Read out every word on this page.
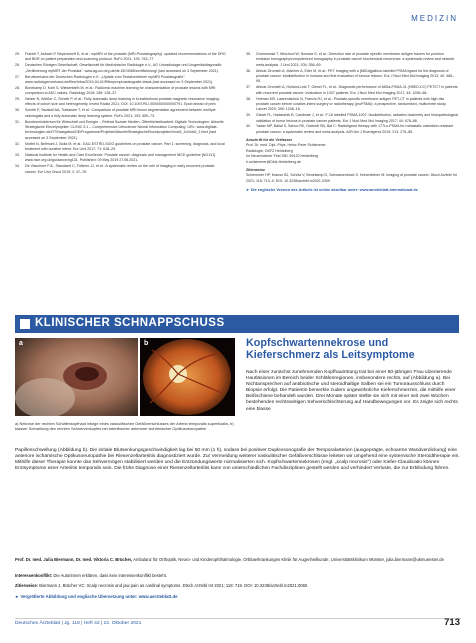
MEDIZIN
25. Franiel T, Asbach P, Beyersdorff D, et al.: mpMRI of the prostate (MRI-Prostatography): updated recommendations of the DRG and BDR on patient preparation and scanning protocol. RoFo 2021; 193: 763–77.
26. Deutsches Röntgen Gesellschaft, Gesellschaft für Medizinische Radiologie e.V., AG Uroradiologie und Urogenitaldiagnostik: „Zertifizierung mpMRT der Prostata". www.ag-uro.drg.de/de-DE/4085/zertifizierung/ (last accessed on 3 September 2021).
27. Berufsverband der Deutschen Radiologen e.V.: „Update zum Testatverfahren mpMRI Prostatografie". www.radiologenverband.de/files/Infos/2019-04-01/Rfkmprmprostatografie-testat (last accessed on 3 September 2021).
28. Bonekamp D, Kohl S, Wiesenfarth M, et al.: Radiomic machine learning for characterization of prostate lesions with MRI: comparison to ADC values. Radiology 2018; 289: 128–37.
29. Netzer N, Weißer C, Schelb P, et al.: Fully automatic deep learning in bi-institutional prostate magnetic resonance imaging: effects of cohort size and heterogeneity. Invest Radiol 2021; DOI: 10.1097/RLI.0000000000000791. Epub ahead of print.
30. Schelb P, Tavakoli AA, Tubtawee T, et al.: Comparison of prostate MRI lesion segmentation agreement between multiple radiologists and a fully automatic deep learning system. RoFo 2021; 193: 559–73.
31. Bundesministerium für Wirtschaft und Energie – Referat Soziale Medien, Öffentlichkeitsarbeit: Digitale Technologien: Aktuelle Strategische Einzelprojekte: CLINIC 5.1 – Comprehensive Lifescience Neural Information Computing. URL: www.digitale-technologien.de/DT/Navigation/DE/Programme/Projekte/AktuelleStrategischeEinzelprojekte/clinic5_1/clinic5_1.html (last accessed on 3 September 2021).
32. Mottet N, Bellmunt J, Bolla M, et al.: EAU-ESTRO-SIOG guidelines on prostate cancer. Part 1: screening, diagnosis, and local treatment with curative intent. Eur Urol 2017; 71: 618–29.
33. National Institute for Health and Care Excellence: Prostate cancer: diagnosis and management NICE guideline [NG131]. www.nice.org.uk/guidance/ng131. Published: 09 May 2019 27.06.2021.
34. De Visschere PJL, Standaert C, Fütterer JJ, et al.: A systematic review on the role of imaging in early recurrent prostate cancer. Eur Urol Oncol 2019; 2: 47–76.
35. Gruenewald T, Minchoni W, Nowara G, et al.: Detection rate of prostate specific membrane antigen tracers for positron emission tomography/computerized tomography in prostate cancer biochemical recurrence: a systematic review and network meta-analysis. J Urol 2021; 205: 356–69.
36. Afshar-Oromieh A, Malcher A, Eder M, et al.: PET imaging with a [68Ga]gallium-labelled PSMA ligand for the diagnosis of prostate cancer: biodistribution in humans and first evaluation of tumour lesions. Eur J Nucl Med Mol Imaging 2013; 40: 486–95.
37. Afshar-Oromieh A, Holland-Letz T, Giesel FL, et al.: Diagnostic performance of 68Ga-PSMA-11 (HBED-CC) PET/CT in patients with recurrent prostate cancer: evaluation in 1007 patients. Eur J Nucl Med Mol Imaging 2017; 44: 1258–68.
38. Hofman MS, Lawrentschuk N, Francis RJ, et al.: Prostate-specific membrane antigen PET-CT in patients with high-risk prostate cancer before curative-intent surgery or radiotherapy (proPSMA): a prospective, randomised, multicentre study. Lancet 2020; 395: 1208–16.
39. Giesel FL, Hadaschik B, Cardinale J, et al.: F-18 labelled PSMA-1007: biodistribution, radiation dosimetry and histopathological validation of tumor lesions in prostate cancer patients. Eur J Nucl Med Mol Imaging 2017; 44: 678–88.
40. Yadav MP, Ballal S, Sahoo RK, Dwivedi SN, Bal C: Radioligand therapy with 177Lu-PSMA for metastatic castration-resistant prostate cancer: a systematic review and meta-analysis. AJR Am J Roentgenol 2019; 213: 275–85.
Anschrift für die Verfasser
Prof. Dr. med. Dipl.-Phys. Heinz-Peter Schlemmer
Radiologie, DKFZ Heidelberg
Im Neuenheimer Feld 280, 69120 Heidelberg
h.schlemmer@Dkfz-Heidelberg.de
Zitierweise
Schlemmer HP, Krause BJ, Schütz V, Bonekamp D, Schwarzenböck S, Hohenfellner M: Imaging of prostate cancer. Dtsch Arztebl Int 2021; 118: 713–9. DOI: 10.3238/arztebl.m2021.0309
► Die englische Version des Artikels ist online abrufbar unter: www.aerzteblatt-international.de
KLINISCHER SCHNAPPSCHUSS
a	b
a) Nekrose der rechten Schläfenkopfhaut infolge eines vaskulitischen Gefäßverschlusses der Arteria temporalis superficialis, b) blasser Schwellung des rechten Sehnervenkopfes bei arteriitischer anteriorer ischämischer Optikusneuropathie
Kopfschwartennekrose und Kieferschmerz als Leitsymptome
Nach einer zunächst zunehmenden Kopfhautrötung trat bei einer 80-jährigen Frau ulzerierende Hautläsionen im Bereich beider Schläfenregionen, insbesondere rechts, auf (Abbildung a). Bei Nichtansprechen auf antibiotische und steroidhaltige Salben sei ein Tumorausschluss durch Biopsie erfolgt. Die Patientin bemerkte zudem ungewöhnliche Kieferschmerzen, die mithilfe einer Beißschiene behandelt wurden. Drei Monate später stellte sie sich mit einer seit zwei Wochen bestehenden rechtsseitigen Sehverschlechterung auf Handbewegungen vor. Es zeigte sich rechts eine blasse
Papillenschwellung (Abbildung b). Die initiale Blutsenkungsgeschwindigkeit lag bei 50 mm (1 h), sodass bei positiver Duplexsonografie der Temporalarterien (ausgeprägte, echoarme Wandverdickung) eine anteriore ischämische Optikusneuropathie bei Riesenzellarteriitis diagnostiziert wurde. Zur Vermeidung weiterer vaskulitischer Gefäßverschlüsse leiteten wir umgehend eine systemische Steroidtherapie ein. Mithilfe dieser Therapie konnte das Sehvermögen stabilisiert werden und die Entzündungswerte normalisierten sich. Kopfschwartennekrosen (engl. „scalp necrosis") oder Kiefer-Claudicatio können Erstsymptome einer Arteriitis temporalis sein. Die frühe Diagnose einer Riesenzellarteriitis kann von unterschiedlichen Fachdisziplinen gestellt werden und verhindert Verluste, die zur Erblindung führen.
Prof. Dr. med. Julia Biermann, Dr. med. Viktoria C. Brücher, Ambulanz für Orthoptik, Neuro- und Kinderophthalmologie, Orbitaerkrankungen Klinik für Augenheilkunde, Universitätsklinikum Münster, julia.biermann@ukmuenster.de
Interessenkonflikt: Die Autorinnen erklären, dass kein Interessenkonflikt besteht.
Zitierweise: Biermann J, Brücher VC: Scalp necrosis and jaw pain as cardinal symptoms. Dtsch Arztebl Int 2021; 118: 719. DOI: 10.3238/arztebl.m2021.0065
► Vergrößerte Abbildung und englische Übersetzung unter: www.aerzteblatt.de
Deutsches Ärzteblatt | Jg. 118 | Heft 42 | 22. Oktober 2021	713
